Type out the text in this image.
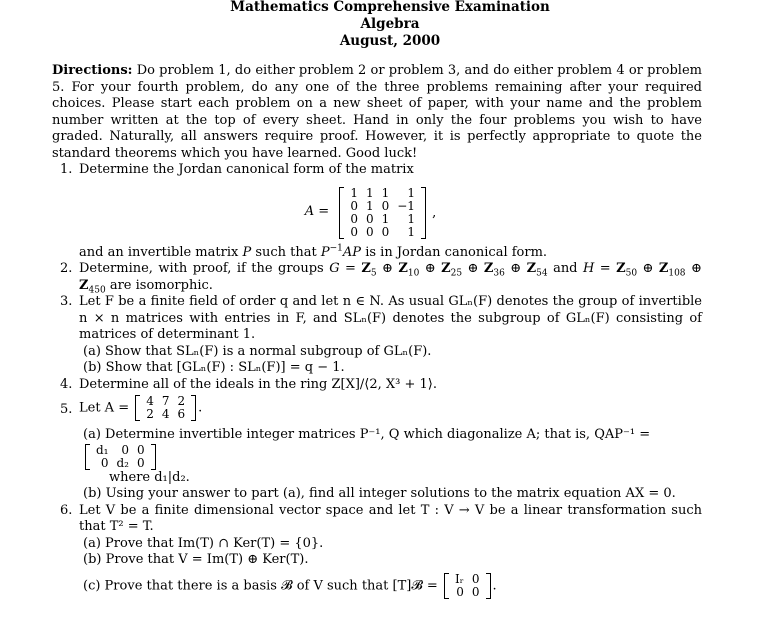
Mathematics Comprehensive Examination
Algebra
August, 2000
Directions: Do problem 1, do either problem 2 or problem 3, and do either problem 4 or problem 5. For your fourth problem, do any one of the three problems remaining after your required choices. Please start each problem on a new sheet of paper, with your name and the problem number written at the top of every sheet. Hand in only the four problems you wish to have graded. Naturally, all answers require proof. However, it is perfectly appropriate to quote the standard theorems which you have learned. Good luck!
1. Determine the Jordan canonical form of the matrix
A =
1	1	1	1
0	1	0	−1
0	0	1	1
0	0	0	1
,
and an invertible matrix P such that $P^{-1}AP$ is in Jordan canonical form.
2. Determine, with proof, if the groups $G = Z_5$ ⊕ $Z_{10}$ ⊕ $Z_{25}$ ⊕ $Z_{36}$ ⊕ $Z_{54}$ and $H = Z_{50}$ ⊕ $Z_{108}$ ⊕ $Z_{450}$ are isomorphic.
3. Let F be a finite field of order q and let n ∈ N. As usual GLₙ(F) denotes the group of invertible n × n matrices with entries in F, and SLₙ(F) denotes the subgroup of GLₙ(F) consisting of matrices of determinant 1.
(a) Show that SLₙ(F) is a normal subgroup of GLₙ(F).
(b) Show that [GLₙ(F) : SLₙ(F)] = q − 1.
4. Determine all of the ideals in the ring Z[X]/⟨2, X³ + 1⟩.
5. Let A = 4	7	2
2	4	6 .
(a) Determine invertible integer matrices P⁻¹, Q which diagonalize A; that is, QAP⁻¹ =
d₁	0	0
0	d₂	0
where d₁|d₂.
(b) Using your answer to part (a), find all integer solutions to the matrix equation AX = 0.
6. Let V be a finite dimensional vector space and let T : V → V be a linear transformation such that T² = T.
(a) Prove that Im(T) ∩ Ker(T) = {0}.
(b) Prove that V = Im(T) ⊕ Ker(T).
(c) Prove that there is a basis 𝓑 of V such that [T]𝓑 = Iᵣ	0
0	0 .
